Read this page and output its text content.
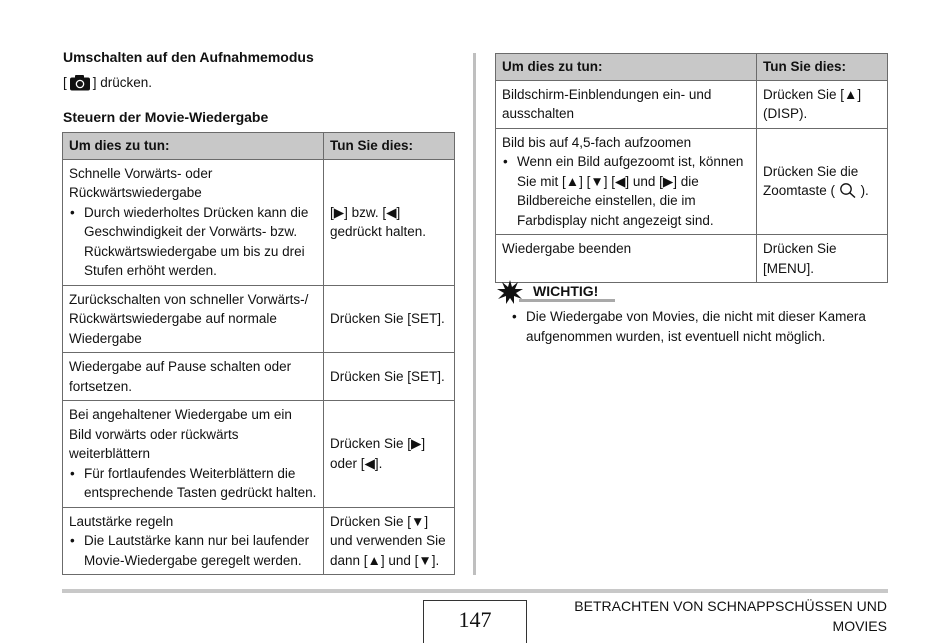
Umschalten auf den Aufnahmemodus
[ ] drücken.
Steuern der Movie-Wiedergabe
Um dies zu tun:	Tun Sie dies:

Schnelle Vorwärts- oder Rückwärtswiedergabe
• Durch wiederholtes Drücken kann die Geschwindigkeit der Vorwärts- bzw. Rückwärtswiedergabe um bis zu drei Stufen erhöht werden.	[▶] bzw. [◀] gedrückt halten.
Zurückschalten von schneller Vorwärts-/ Rückwärtswiedergabe auf normale Wiedergabe	Drücken Sie [SET].
Wiedergabe auf Pause schalten oder fortsetzen.	Drücken Sie [SET].

Bei angehaltener Wiedergabe um ein Bild vorwärts oder rückwärts weiterblättern
• Für fortlaufendes Weiterblättern die entsprechende Tasten gedrückt halten.	Drücken Sie [▶] oder [◀].

Lautstärke regeln
• Die Lautstärke kann nur bei laufender Movie-Wiedergabe geregelt werden.	Drücken Sie [▼] und verwenden Sie dann [▲] und [▼].
Um dies zu tun:	Tun Sie dies:
Bildschirm-Einblendungen ein- und ausschalten	Drücken Sie [▲] (DISP).

Bild bis auf 4,5-fach aufzoomen
• Wenn ein Bild aufgezoomt ist, können Sie mit [▲] [▼] [◀] und [▶] die Bildbereiche einstellen, die im Farbdisplay nicht angezeigt sind.	Drücken Sie die Zoomtaste ( ).
Wiedergabe beenden	Drücken Sie [MENU].
WICHTIG!
• Die Wiedergabe von Movies, die nicht mit dieser Kamera aufgenommen wurden, ist eventuell nicht möglich.
147
BETRACHTEN VON SCHNAPPSCHÜSSEN UND MOVIES
